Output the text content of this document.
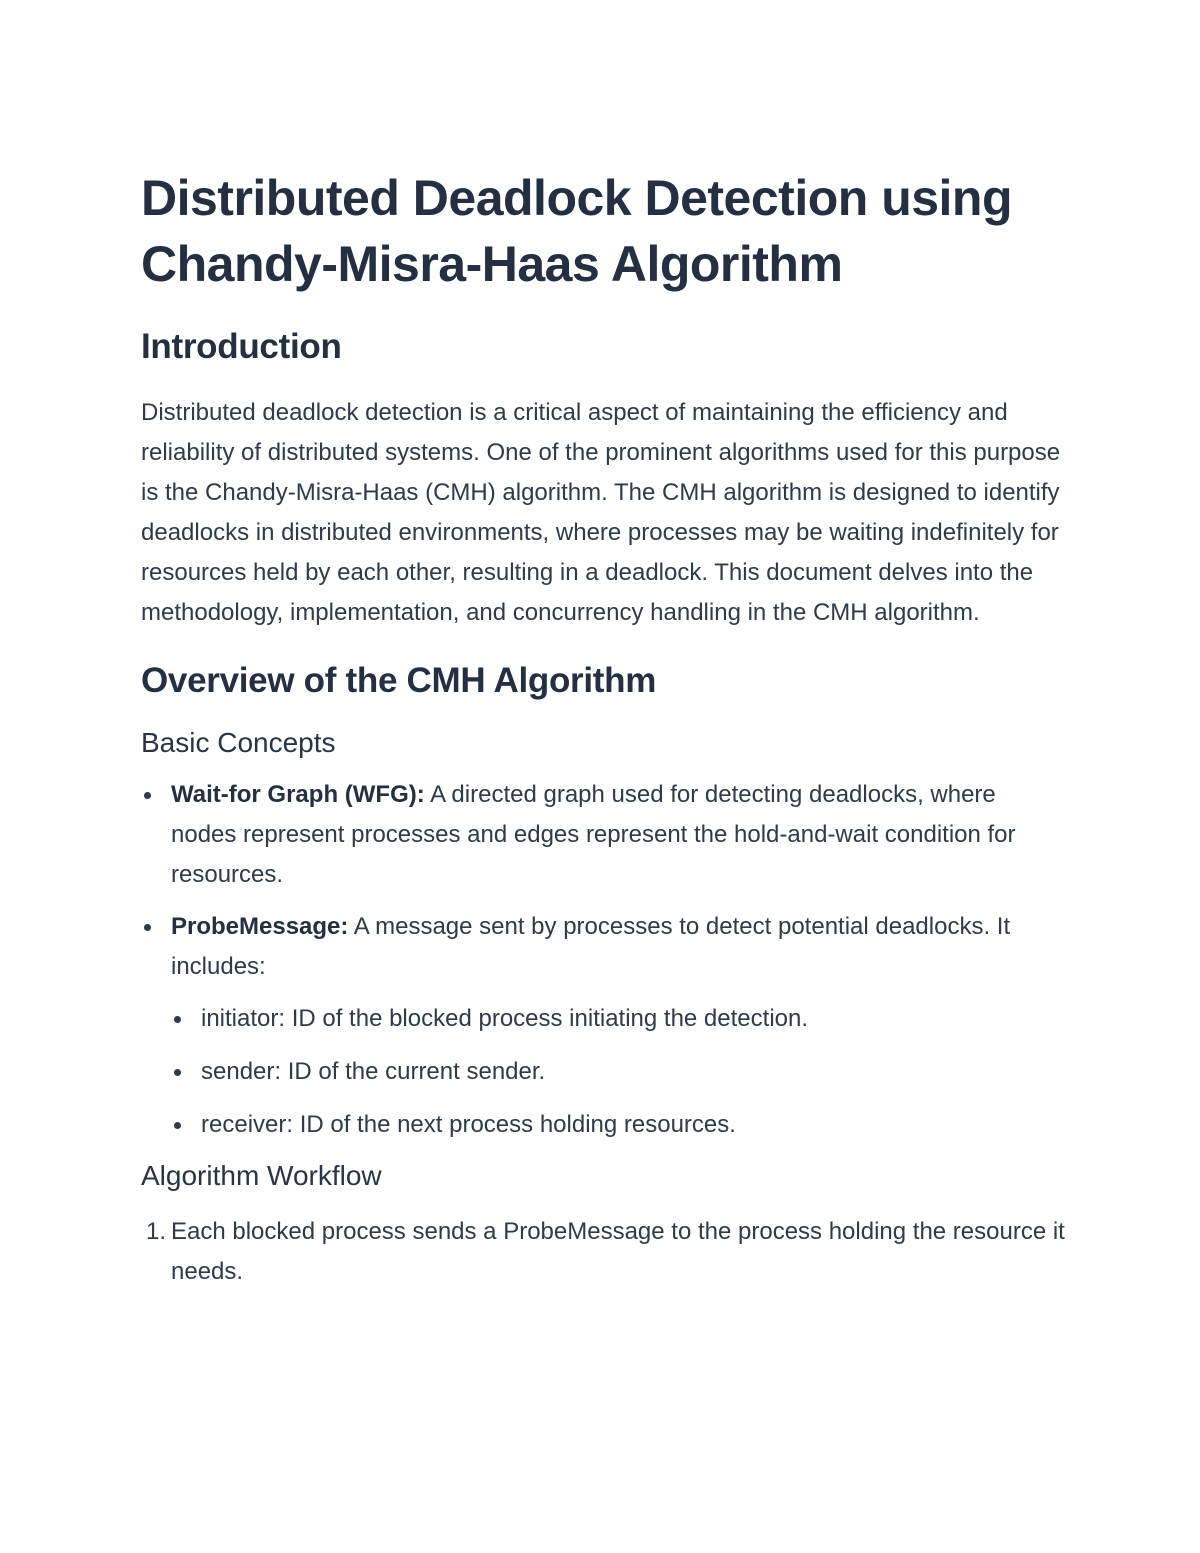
Distributed Deadlock Detection using Chandy-Misra-Haas Algorithm
Introduction

Distributed deadlock detection is a critical aspect of maintaining the efficiency and reliability of distributed systems. One of the prominent algorithms used for this purpose is the Chandy-Misra-Haas (CMH) algorithm. The CMH algorithm is designed to identify deadlocks in distributed environments, where processes may be waiting indefinitely for resources held by each other, resulting in a deadlock. This document delves into the methodology, implementation, and concurrency handling in the CMH algorithm.

Overview of the CMH Algorithm
Basic Concepts
Wait-for Graph (WFG): A directed graph used for detecting deadlocks, where nodes represent processes and edges represent the hold-and-wait condition for resources.
ProbeMessage: A message sent by processes to detect potential deadlocks. It includes:
initiator: ID of the blocked process initiating the detection.
sender: ID of the current sender.
receiver: ID of the next process holding resources.
Algorithm Workflow
1. Each blocked process sends a ProbeMessage to the process holding the resource it needs.
